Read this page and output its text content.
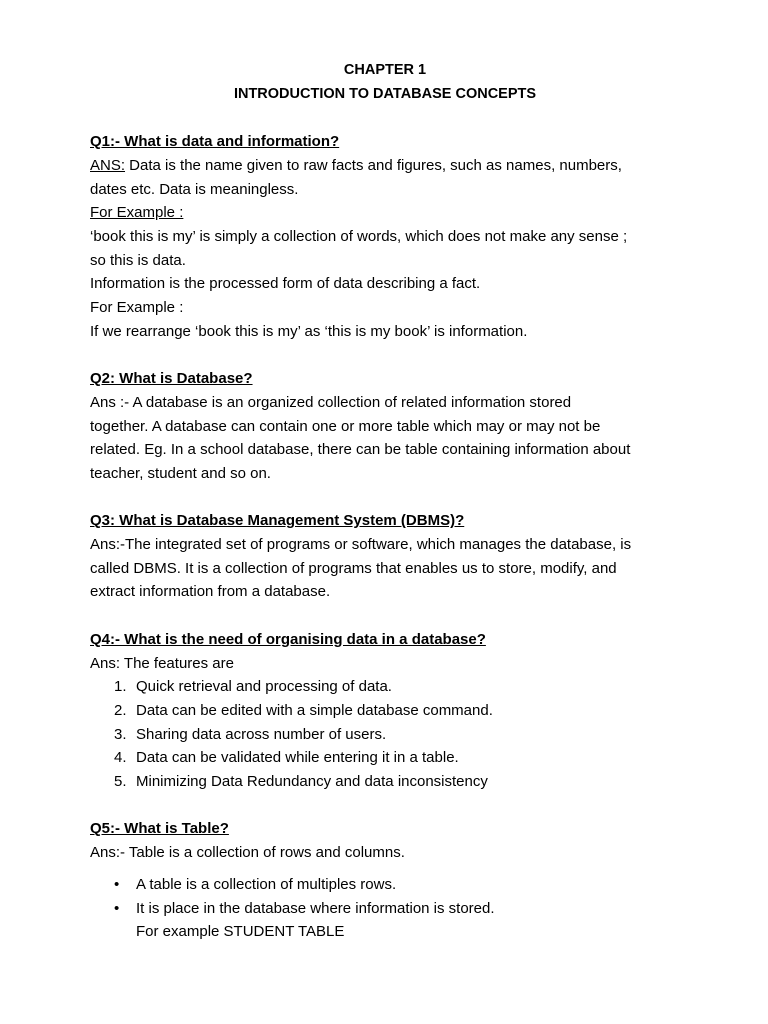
CHAPTER 1

INTRODUCTION TO DATABASE CONCEPTS

Q1:- What is data and information?

ANS: Data is the name given to raw facts and figures, such as names, numbers,

dates etc. Data is meaningless.

For Example :

‘book this is my’ is simply a collection of words, which does not make any sense ;

so this is data.

Information is the processed form of data describing a fact.

For Example :

If we rearrange ‘book this is my’ as ‘this is my book’ is information.

Q2: What is Database?

Ans :- A database is an organized collection of related information stored

together. A database can contain one or more table which may or may not be

related. Eg. In a school database, there can be table containing information about

teacher, student and so on.

Q3: What is Database Management System (DBMS)?

Ans:-The integrated set of programs or software, which manages the database, is

called DBMS. It is a collection of programs that enables us to store, modify, and

extract information from a database.

Q4:- What is the need of organising data in a database?

Ans: The features are

1. Quick retrieval and processing of data.
2. Data can be edited with a simple database command.
3. Sharing data across number of users.
4. Data can be validated while entering it in a table.
5. Minimizing Data Redundancy and data inconsistency

Q5:- What is Table?

Ans:- Table is a collection of rows and columns.

•	A table is a collection of multiples rows.
•	It is place in the database where information is stored.
For example STUDENT TABLE
